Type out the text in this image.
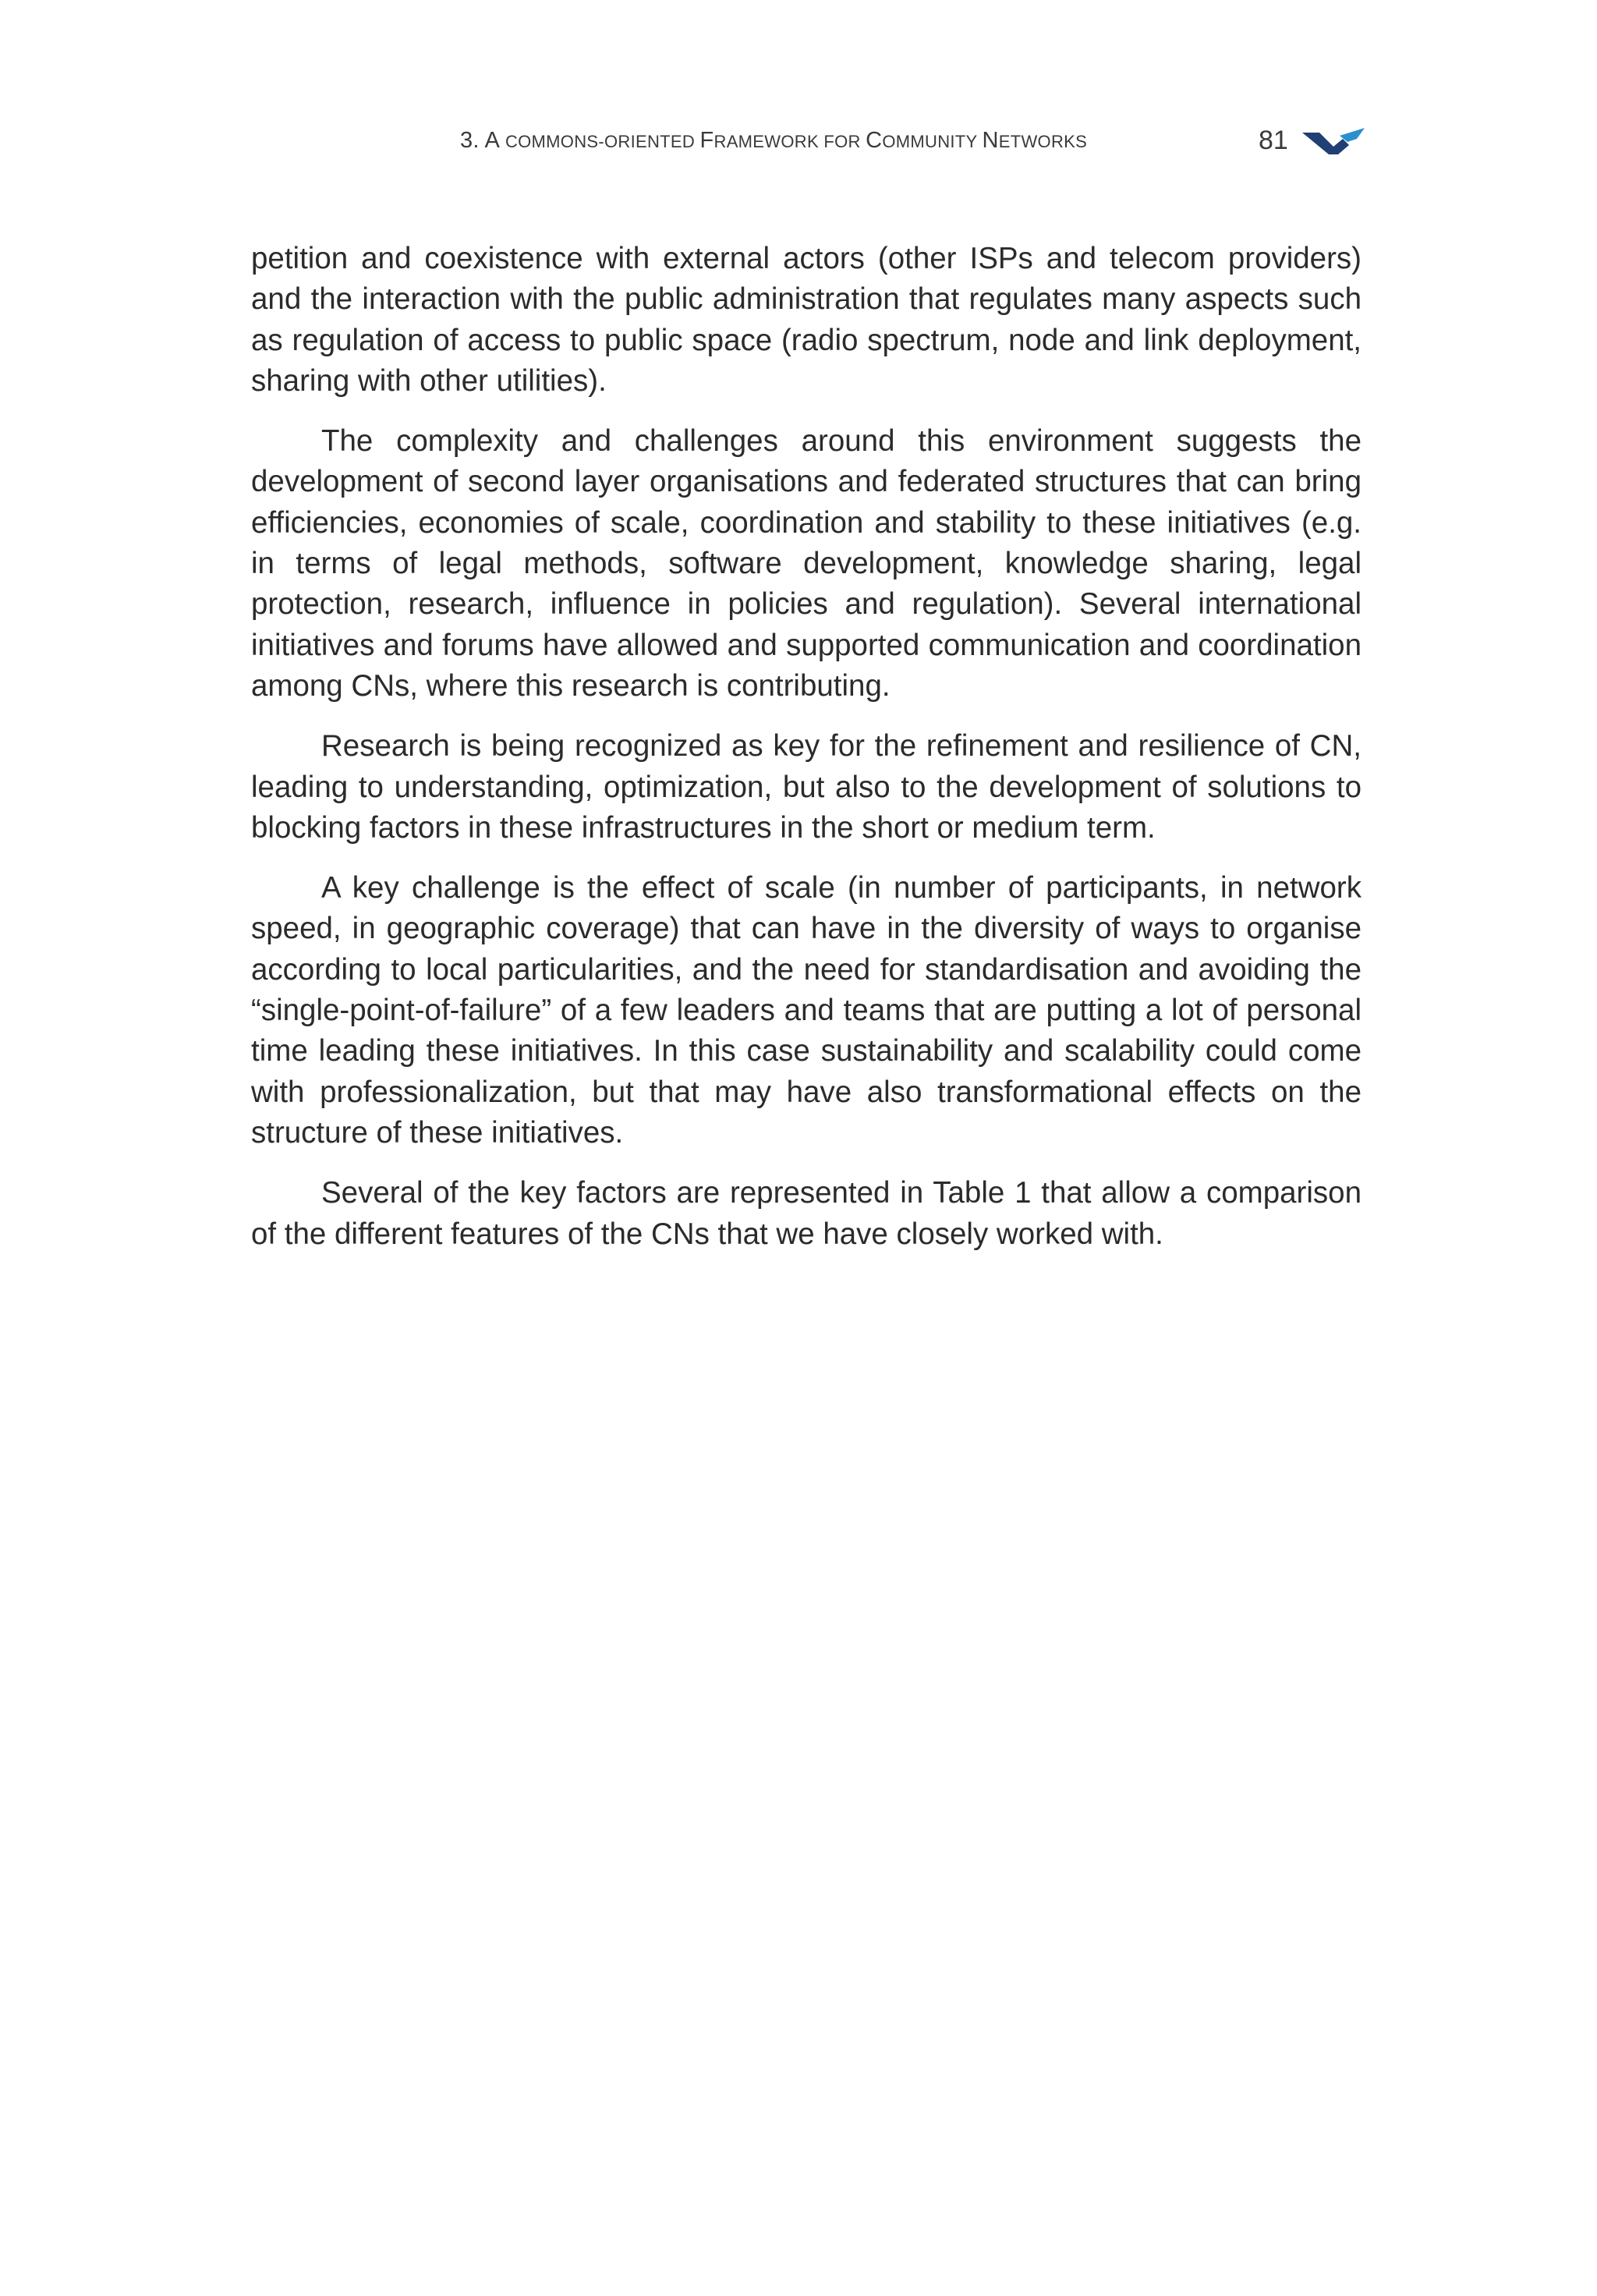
3. A COMMONS-ORIENTED FRAMEWORK FOR COMMUNITY NETWORKS	81

petition and coexistence with external actors (other ISPs and telecom providers) and the interaction with the public administration that regulates many aspects such as regulation of access to public space (radio spectrum, node and link deployment, sharing with other utilities).

The complexity and challenges around this environment suggests the development of second layer organisations and federated structures that can bring efficiencies, economies of scale, coordination and stability to these initiatives (e.g. in terms of legal methods, software development, knowledge sharing, legal protection, research, influence in policies and regulation). Several international initiatives and forums have allowed and supported communication and coordination among CNs, where this research is contributing.

Research is being recognized as key for the refinement and resilience of CN, leading to understanding, optimization, but also to the development of solutions to blocking factors in these infrastructures in the short or medium term.

A key challenge is the effect of scale (in number of participants, in network speed, in geographic coverage) that can have in the diversity of ways to organise according to local particularities, and the need for standardisation and avoiding the “single-point-of-failure” of a few leaders and teams that are putting a lot of personal time leading these initiatives. In this case sustainability and scalability could come with professionalization, but that may have also transformational effects on the structure of these initiatives.

Several of the key factors are represented in Table 1 that allow a comparison of the different features of the CNs that we have closely worked with.
